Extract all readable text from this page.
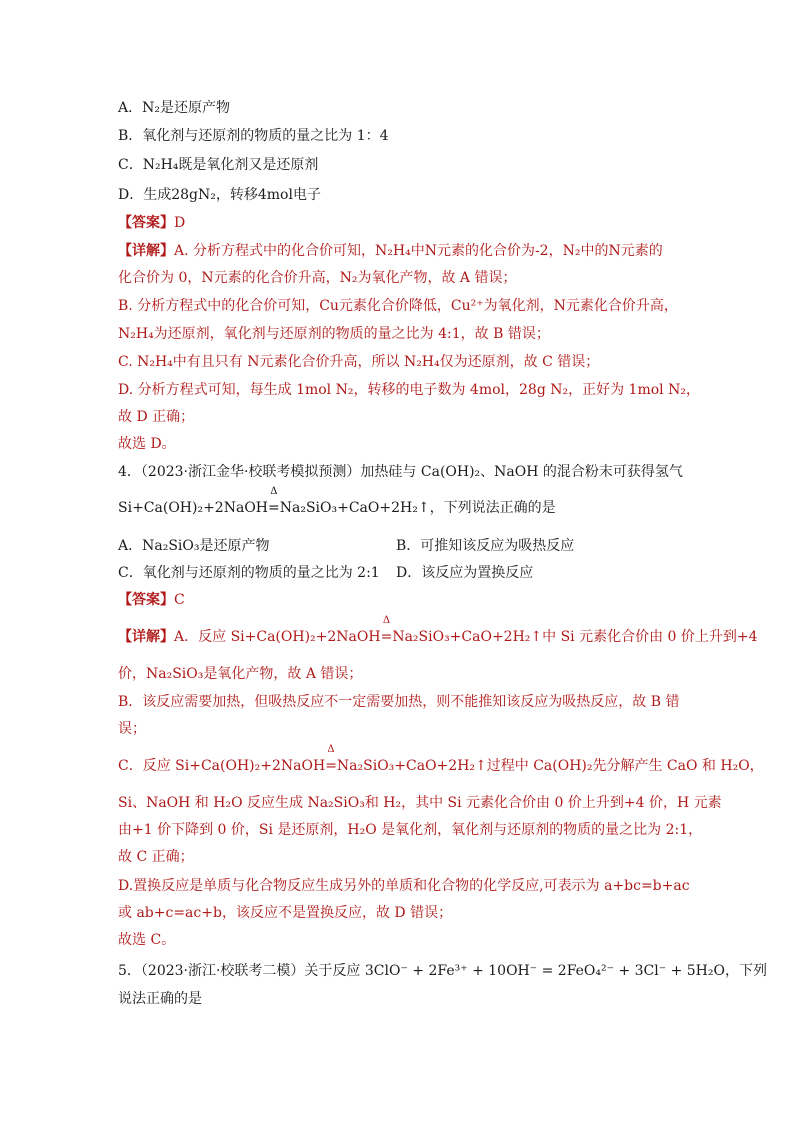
A．N₂是还原产物
B．氧化剂与还原剂的物质的量之比为 1：4
C．N₂H₄既是氧化剂又是还原剂
D．生成28gN₂，转移4mol电子
【答案】D
【详解】A. 分析方程式中的化合价可知，N₂H₄中N元素的化合价为-2，N₂中的N元素的
化合价为 0，N元素的化合价升高，N₂为氧化产物，故 A 错误；
B. 分析方程式中的化合价可知，Cu元素化合价降低，Cu²⁺为氧化剂，N元素化合价升高，
N₂H₄为还原剂，氧化剂与还原剂的物质的量之比为 4:1，故 B 错误；
C. N₂H₄中有且只有 N元素化合价升高，所以 N₂H₄仅为还原剂，故 C 错误；
D. 分析方程式可知，每生成 1mol N₂，转移的电子数为 4mol，28g N₂，正好为 1mol N₂，
故 D 正确；
故选 D。
4．（2023·浙江金华·校联考模拟预测）加热硅与 Ca(OH)₂、NaOH 的混合粉末可获得氢气
Si+Ca(OH)₂+2NaOH
Δ
=Na₂SiO₃+CaO+2H₂↑，下列说法正确的是
A．Na₂SiO₃是还原产物	B．可推知该反应为吸热反应
C．氧化剂与还原剂的物质的量之比为 2:1 D．该反应为置换反应
【答案】C
【详解】A．反应 Si+Ca(OH)₂+2NaOH
Δ
=Na₂SiO₃+CaO+2H₂↑中 Si 元素化合价由 0 价上升到+4
价，Na₂SiO₃是氧化产物，故 A 错误；
B．该反应需要加热，但吸热反应不一定需要加热，则不能推知该反应为吸热反应，故 B 错
误；
C．反应 Si+Ca(OH)₂+2NaOH
Δ
=Na₂SiO₃+CaO+2H₂↑过程中 Ca(OH)₂先分解产生 CaO 和 H₂O，
Si、NaOH 和 H₂O 反应生成 Na₂SiO₃和 H₂，其中 Si 元素化合价由 0 价上升到+4 价，H 元素
由+1 价下降到 0 价，Si 是还原剂，H₂O 是氧化剂，氧化剂与还原剂的物质的量之比为 2:1，
故 C 正确；
D.置换反应是单质与化合物反应生成另外的单质和化合物的化学反应,可表示为 a+bc=b+ac
或 ab+c=ac+b，该反应不是置换反应，故 D 错误；
故选 C。
5．（2023·浙江·校联考二模）关于反应 3ClO⁻ + 2Fe³⁺ + 10OH⁻ = 2FeO₄²⁻ + 3Cl⁻ + 5H₂O，下列
说法正确的是
